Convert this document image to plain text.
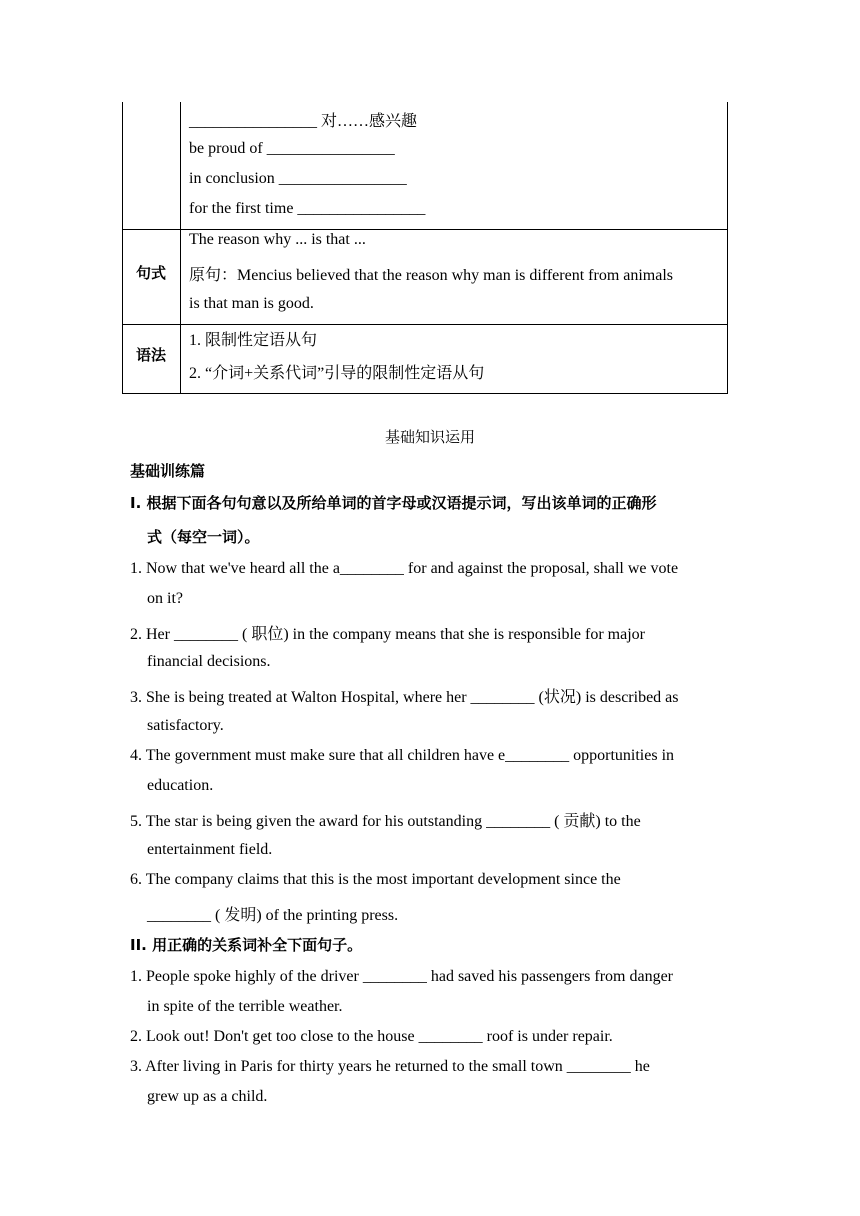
________________ 对……感兴趣
be proud of ________________
in conclusion ________________
for the first time ________________
句式
The reason why ... is that ...
原句：Mencius believed that the reason why man is different from animals
is that man is good.
语法
1. 限制性定语从句
2. “介词+关系代词”引导的限制性定语从句
基础知识运用
基础训练篇
I. 根据下面各句句意以及所给单词的首字母或汉语提示词，写出该单词的正确形
式（每空一词）。
1. Now that we've heard all the a________ for and against the proposal, shall we vote
on it?
2. Her ________ ( 职位) in the company means that she is responsible for major
financial decisions.
3. She is being treated at Walton Hospital, where her ________ (状况) is described as
satisfactory.
4. The government must make sure that all children have e________ opportunities in
education.
5. The star is being given the award for his outstanding ________ ( 贡献) to the
entertainment field.
6. The company claims that this is the most important development since the
________ ( 发明) of the printing press.
II. 用正确的关系词补全下面句子。
1. People spoke highly of the driver ________ had saved his passengers from danger
in spite of the terrible weather.
2. Look out! Don't get too close to the house ________ roof is under repair.
3. After living in Paris for thirty years he returned to the small town ________ he
grew up as a child.
